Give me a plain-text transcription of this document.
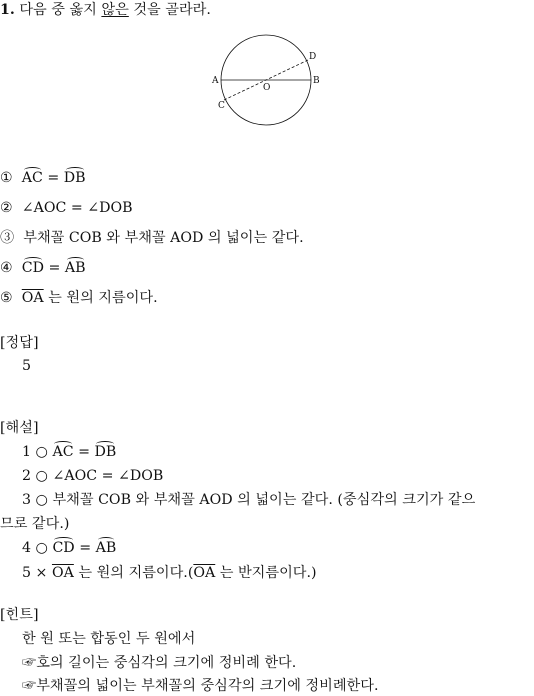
1. 다음 중 옳지 않은 것을 골라라.
A	B
C
D
O
① AC = DB
② ∠AOC = ∠DOB
③ 부채꼴 COB 와 부채꼴 AOD 의 넓이는 같다.
④ CD = AB
⑤ $\overline{OA}$ 는 원의 지름이다.
[정답]
5
[해설]
1 ○ AC = DB
2 ○ ∠AOC = ∠DOB
3 ○ 부채꼴 COB 와 부채꼴 AOD 의 넓이는 같다. (중심각의 크기가 같으
므로 같다.)
4 ○ CD = AB
$5 \times \overline{OA}$ 는 원의 지름이다$.(\overline{OA}$ 는 반지름이다.)
[힌트]
한 원 또는 합동인 두 원에서
☞호의 길이는 중심각의 크기에 정비례 한다.
☞부채꼴의 넓이는 부채꼴의 중심각의 크기에 정비례한다.
